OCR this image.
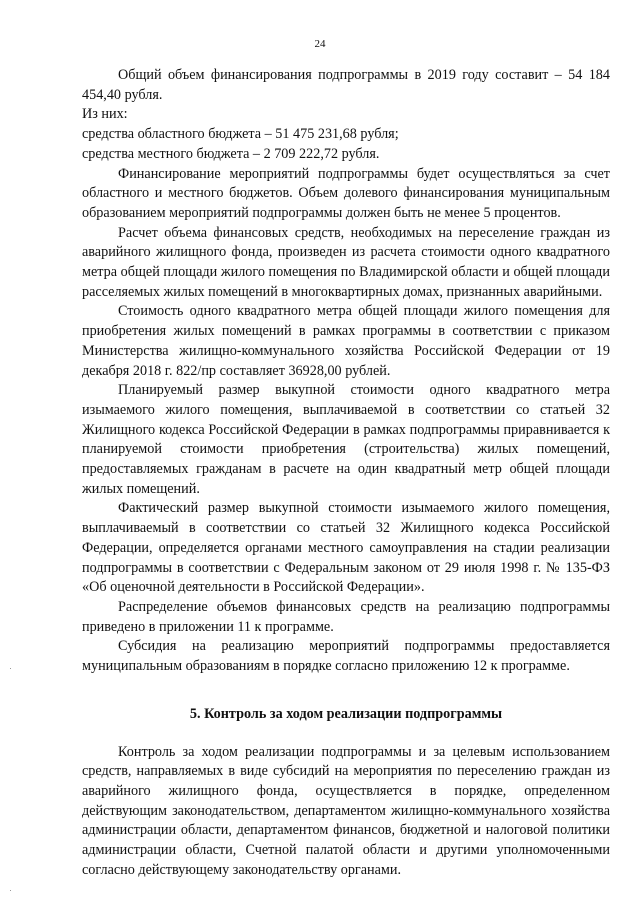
24

Общий объем финансирования подпрограммы в 2019 году составит – 54 184 454,40 рубля.

Из них:

средства областного бюджета – 51 475 231,68 рубля;

средства местного бюджета – 2 709 222,72 рубля.

Финансирование мероприятий подпрограммы будет осуществляться за счет областного и местного бюджетов. Объем долевого финансирования муниципальным образованием мероприятий подпрограммы должен быть не менее 5 процентов.

Расчет объема финансовых средств, необходимых на переселение граждан из аварийного жилищного фонда, произведен из расчета стоимости одного квадратного метра общей площади жилого помещения по Владимирской области и общей площади расселяемых жилых помещений в многоквартирных домах, признанных аварийными.

Стоимость одного квадратного метра общей площади жилого помещения для приобретения жилых помещений в рамках программы в соответствии с приказом Министерства жилищно-коммунального хозяйства Российской Федерации от 19 декабря 2018 г. 822/пр составляет 36928,00 рублей.

Планируемый размер выкупной стоимости одного квадратного метра изымаемого жилого помещения, выплачиваемой в соответствии со статьей 32 Жилищного кодекса Российской Федерации в рамках подпрограммы приравнивается к планируемой стоимости приобретения (строительства) жилых помещений, предоставляемых гражданам в расчете на один квадратный метр общей площади жилых помещений.

Фактический размер выкупной стоимости изымаемого жилого помещения, выплачиваемый в соответствии со статьей 32 Жилищного кодекса Российской Федерации, определяется органами местного самоуправления на стадии реализации подпрограммы в соответствии с Федеральным законом от 29 июля 1998 г. № 135-ФЗ «Об оценочной деятельности в Российской Федерации».

Распределение объемов финансовых средств на реализацию подпрограммы приведено в приложении 11 к программе.

Субсидия на реализацию мероприятий подпрограммы предоставляется муниципальным образованиям в порядке согласно приложению 12 к программе.

5. Контроль за ходом реализации подпрограммы

Контроль за ходом реализации подпрограммы и за целевым использованием средств, направляемых в виде субсидий на мероприятия по переселению граждан из аварийного жилищного фонда, осуществляется в порядке, определенном действующим законодательством, департаментом жилищно-коммунального хозяйства администрации области, департаментом финансов, бюджетной и налоговой политики администрации области, Счетной палатой области и другими уполномоченными согласно действующему законодательству органами.
